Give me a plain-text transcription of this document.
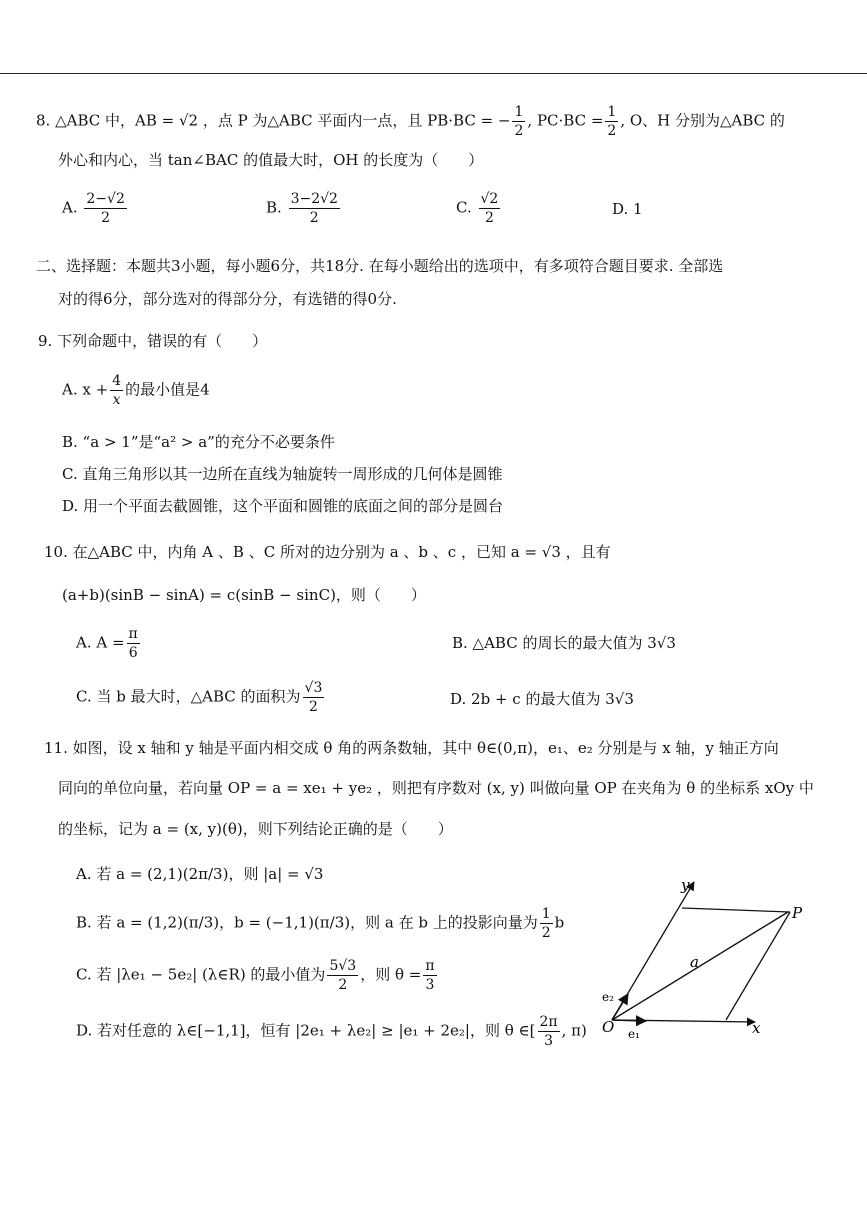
8. △ABC 中，AB = √2 ，点 P 为△ABC 平面内一点，且 PB·BC = − $\frac{1}{2}$ , $PC\cdot BC = \frac{1}{2}$ , O、H 分别为△ABC 的
外心和内心，当 tan∠BAC 的值最大时，OH 的长度为（　　）
A. $\frac{2-√2}{2}$	B. $\frac{3-2√2}{2}$	C. $\frac{√2}{2}$	D. 1
二、选择题：本题共3小题，每小题6分，共18分. 在每小题给出的选项中，有多项符合题目要求. 全部选
对的得6分，部分选对的得部分分，有选错的得0分.
9. 下列命题中，错误的有（　　）
A. $x + \frac{4}{x}$ 的最小值是4
B. “a > 1”是“a² > a”的充分不必要条件
C. 直角三角形以其一边所在直线为轴旋转一周形成的几何体是圆锥
D. 用一个平面去截圆锥，这个平面和圆锥的底面之间的部分是圆台
10. 在△ABC 中，内角 A 、B 、C 所对的边分别为 a 、b 、c ，已知 a = √3 ，且有
(a+b)(sinB − sinA) = c(sinB − sinC)，则（　　）
A. $A = \frac{\pi}{6}$	B. △ABC 的周长的最大值为 3√3
C. 当 b 最大时，△ABC 的面积为 $\frac{√3}{2}$	D. 2b + c 的最大值为 3√3
11. 如图，设 x 轴和 y 轴是平面内相交成 θ 角的两条数轴，其中 θ∈(0,π)，e₁、e₂ 分别是与 x 轴，y 轴正方向
同向的单位向量，若向量 OP = a = xe₁ + ye₂ ，则把有序数对 (x, y) 叫做向量 OP 在夹角为 θ 的坐标系 xOy 中
的坐标，记为 a = (x, y)(θ)，则下列结论正确的是（　　）
A. 若 a = (2,1)(2π/3)，则 |a| = √3
B. 若 a = (1,2)(π/3)，b = (−1,1)(π/3)，则 a 在 b 上的投影向量为 $\frac{1}{2}$ b
C. 若 |λe₁ − 5e₂| (λ∈R) 的最小值为 $\frac{5√3}{2}$ ，则 $\theta = \frac{\pi}{3}$
D. 若对任意的 λ∈[−1,1]，恒有 |2e₁ + λe₂| ≥ |e₁ + 2e₂|，则 θ ∈[ $\frac{2\pi}{3}$ , π)
y
x
P
O
a
e₁
e₂
